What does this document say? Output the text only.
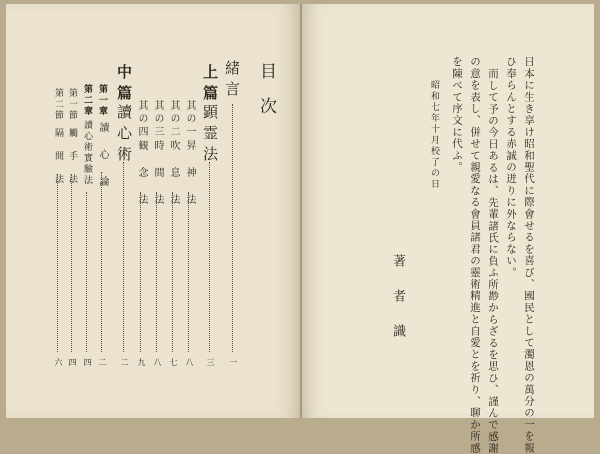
目次
緒言
一
上篇
顕霊法
三
其の一
昇 神 法
八
其の二
吹 息 法
七
其の三
時 間 法
八
其の四
観 念 法
九
中篇
讀心術
二
第一章
讀 心 論
二
第二章
讀心術實驗法
四
第一節
觸 手 法
四
第二節
隔 間 法
六	日本に生き享け昭和聖代に際會せるを喜び、國民として濁恩の萬分の一を報
ひ奉らんとする赤誠の迸りに外ならない。
而して予の今日あるは、先輩諸氏に負ふ所尠からざるを思ひ、謹んで感謝
の意を表し、併せて親愛なる會員諸君の靈術精進と自愛とを祈り、聊か所感
を陳べて序文に代ふ。
昭和七年十月校了の日
著者識
